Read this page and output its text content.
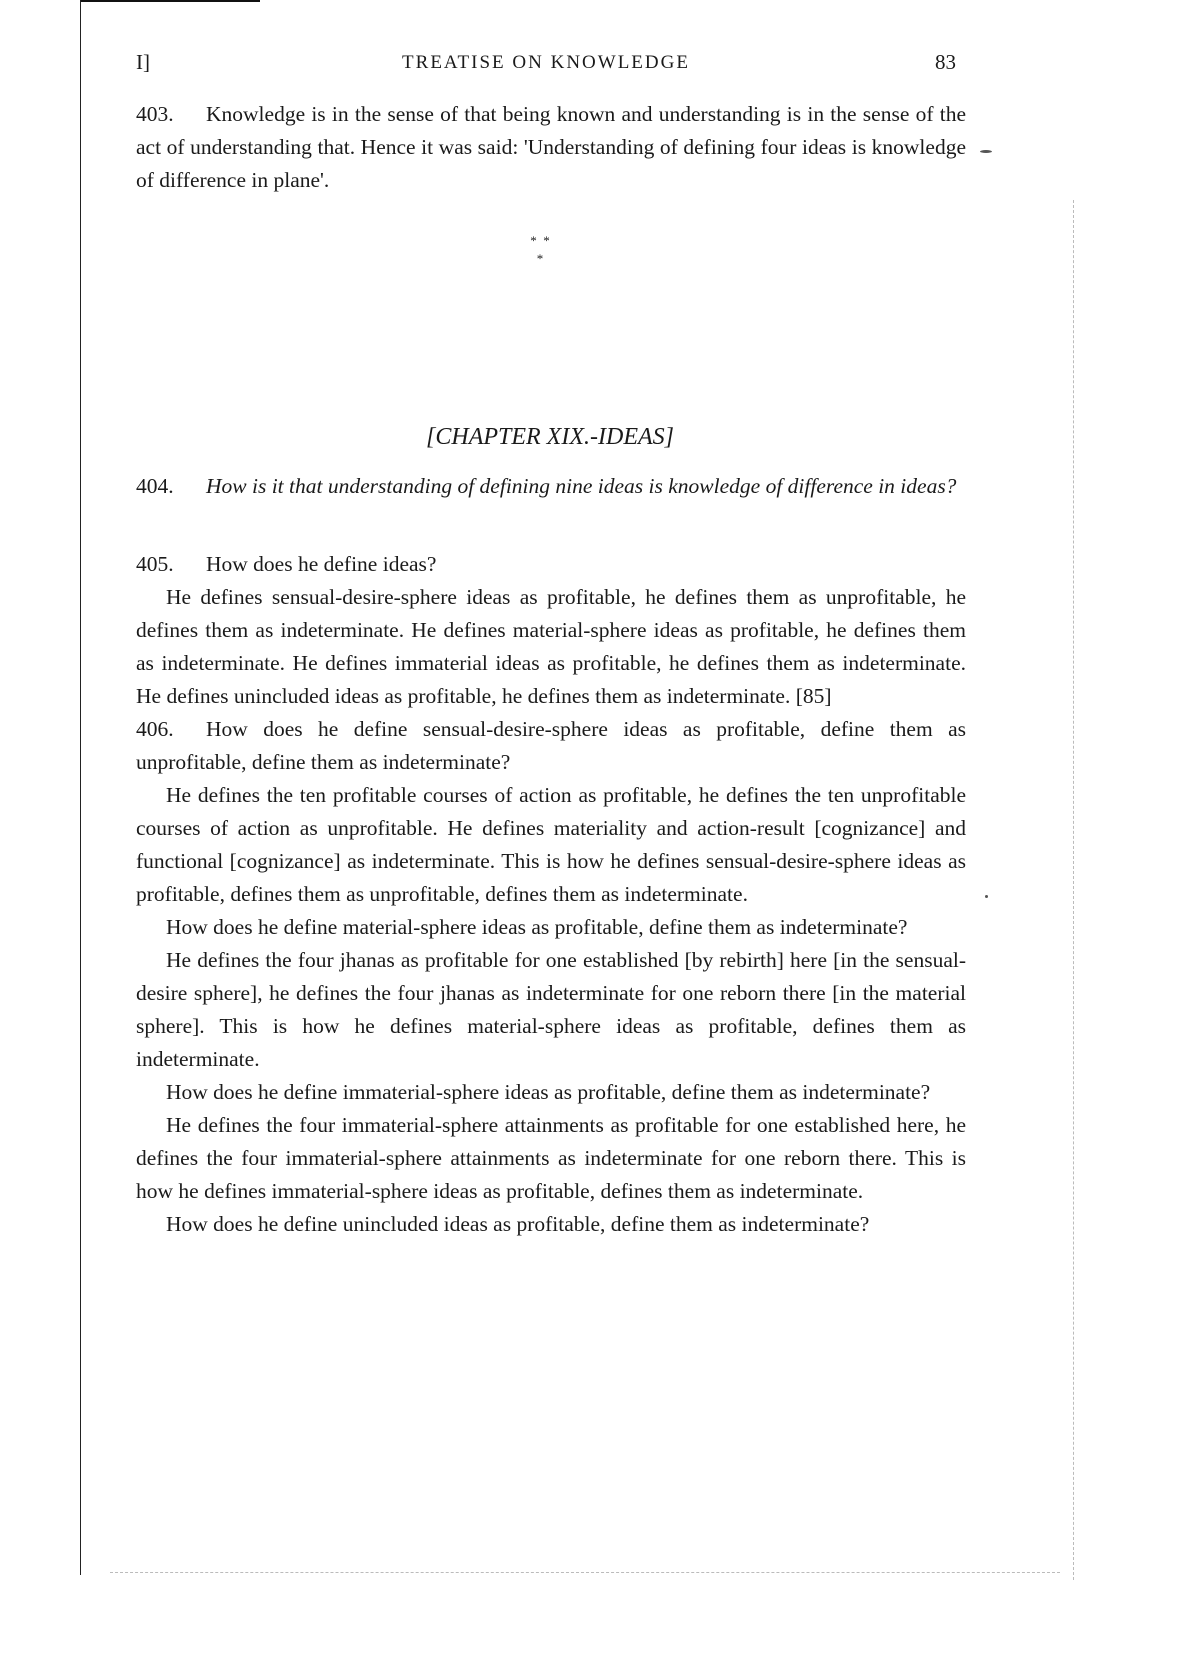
I]	TREATISE ON KNOWLEDGE	83

403. Knowledge is in the sense of that being known and understanding is in the sense of the act of understanding that. Hence it was said: 'Understanding of defining four ideas is knowledge of difference in plane'.

*  *
*
[CHAPTER XIX.-IDEAS]

404. How is it that understanding of defining nine ideas is knowledge of difference in ideas?

405. How does he define ideas?

He defines sensual-desire-sphere ideas as profitable, he defines them as unprofitable, he defines them as indeterminate. He defines material-sphere ideas as profitable, he defines them as indeterminate. He defines immaterial ideas as profitable, he defines them as indeterminate. He defines unincluded ideas as profitable, he defines them as indeterminate. [85]

406. How does he define sensual-desire-sphere ideas as profitable, define them as unprofitable, define them as indeterminate?

He defines the ten profitable courses of action as profitable, he defines the ten unprofitable courses of action as unprofitable. He defines materiality and action-result [cognizance] and functional [cognizance] as indeterminate. This is how he defines sensual-desire-sphere ideas as profitable, defines them as unprofitable, defines them as indeterminate.

How does he define material-sphere ideas as profitable, define them as indeterminate?

He defines the four jhanas as profitable for one established [by rebirth] here [in the sensual-desire sphere], he defines the four jhanas as indeterminate for one reborn there [in the material sphere]. This is how he defines material-sphere ideas as profitable, defines them as indeterminate.

How does he define immaterial-sphere ideas as profitable, define them as indeterminate?

He defines the four immaterial-sphere attainments as profitable for one established here, he defines the four immaterial-sphere attainments as indeterminate for one reborn there. This is how he defines immaterial-sphere ideas as profitable, defines them as indeterminate.

How does he define unincluded ideas as profitable, define them as indeterminate?
